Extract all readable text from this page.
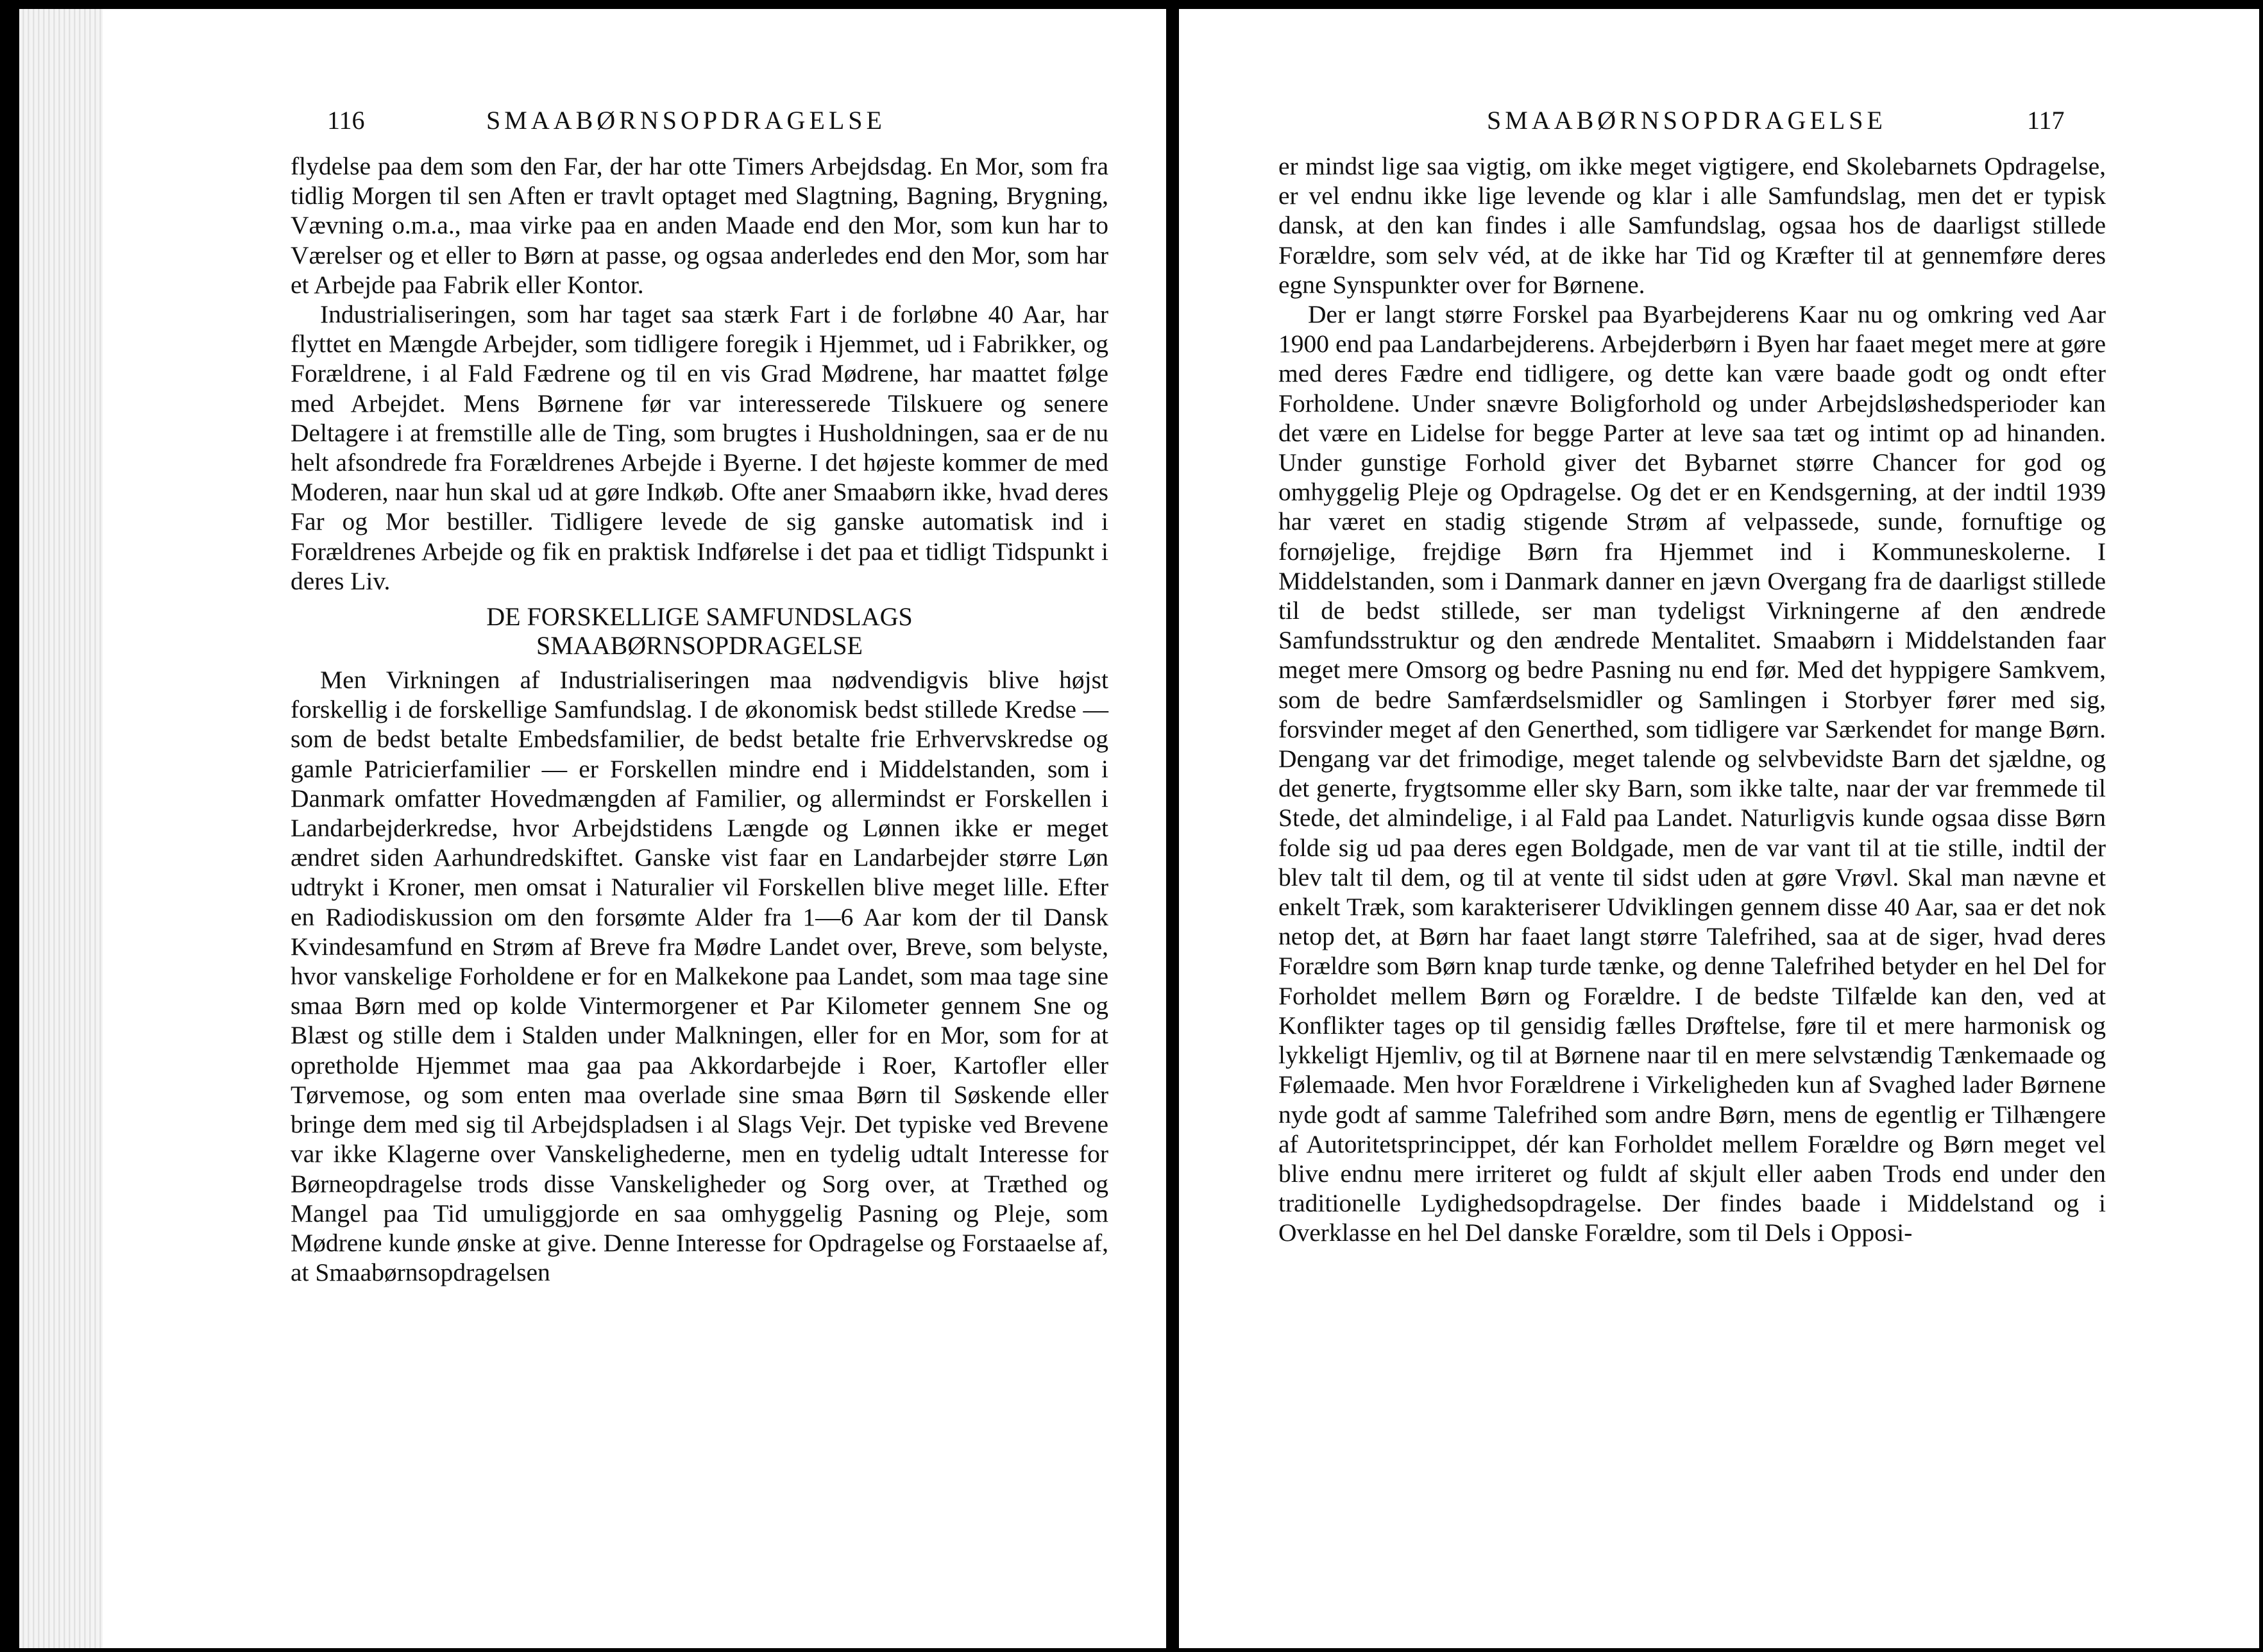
116	SMAABØRNSOPDRAGELSE

flydelse paa dem som den Far, der har otte Timers Arbejdsdag. En Mor, som fra tidlig Morgen til sen Aften er travlt optaget med Slagtning, Bagning, Brygning, Vævning o.m.a., maa virke paa en anden Maade end den Mor, som kun har to Værelser og et eller to Børn at passe, og ogsaa anderledes end den Mor, som har et Arbejde paa Fabrik eller Kontor.

Industrialiseringen, som har taget saa stærk Fart i de forløbne 40 Aar, har flyttet en Mængde Arbejder, som tidligere foregik i Hjemmet, ud i Fabrikker, og Forældrene, i al Fald Fædrene og til en vis Grad Mødrene, har maattet følge med Arbejdet. Mens Børnene før var interesserede Tilskuere og senere Deltagere i at fremstille alle de Ting, som brugtes i Husholdningen, saa er de nu helt afsondrede fra Forældrenes Arbejde i Byerne. I det højeste kommer de med Moderen, naar hun skal ud at gøre Indkøb. Ofte aner Smaabørn ikke, hvad deres Far og Mor bestiller. Tidligere levede de sig ganske automatisk ind i Forældrenes Arbejde og fik en praktisk Indførelse i det paa et tidligt Tidspunkt i deres Liv.

DE FORSKELLIGE SAMFUNDSLAGS
SMAABØRNSOPDRAGELSE

Men Virkningen af Industrialiseringen maa nødvendigvis blive højst forskellig i de forskellige Samfundslag. I de økonomisk bedst stillede Kredse — som de bedst betalte Embedsfamilier, de bedst betalte frie Erhvervskredse og gamle Patricierfamilier — er Forskellen mindre end i Middelstanden, som i Danmark omfatter Hovedmængden af Familier, og allermindst er Forskellen i Landarbejderkredse, hvor Arbejdstidens Længde og Lønnen ikke er meget ændret siden Aarhundredskiftet. Ganske vist faar en Landarbejder større Løn udtrykt i Kroner, men omsat i Naturalier vil Forskellen blive meget lille. Efter en Radiodiskussion om den forsømte Alder fra 1—6 Aar kom der til Dansk Kvindesamfund en Strøm af Breve fra Mødre Landet over, Breve, som belyste, hvor vanskelige Forholdene er for en Malkekone paa Landet, som maa tage sine smaa Børn med op kolde Vintermorgener et Par Kilometer gennem Sne og Blæst og stille dem i Stalden under Malkningen, eller for en Mor, som for at opretholde Hjemmet maa gaa paa Akkordarbejde i Roer, Kartofler eller Tørvemose, og som enten maa overlade sine smaa Børn til Søskende eller bringe dem med sig til Arbejdspladsen i al Slags Vejr. Det typiske ved Brevene var ikke Klagerne over Vanskelighederne, men en tydelig udtalt Interesse for Børneopdragelse trods disse Vanskeligheder og Sorg over, at Træthed og Mangel paa Tid umuliggjorde en saa omhyggelig Pasning og Pleje, som Mødrene kunde ønske at give. Denne Interesse for Opdragelse og Forstaaelse af, at Smaabørnsopdragelsen

SMAABØRNSOPDRAGELSE	117

er mindst lige saa vigtig, om ikke meget vigtigere, end Skolebarnets Opdragelse, er vel endnu ikke lige levende og klar i alle Samfundslag, men det er typisk dansk, at den kan findes i alle Samfundslag, ogsaa hos de daarligst stillede Forældre, som selv véd, at de ikke har Tid og Kræfter til at gennemføre deres egne Synspunkter over for Børnene.

Der er langt større Forskel paa Byarbejderens Kaar nu og omkring ved Aar 1900 end paa Landarbejderens. Arbejderbørn i Byen har faaet meget mere at gøre med deres Fædre end tidligere, og dette kan være baade godt og ondt efter Forholdene. Under snævre Boligforhold og under Arbejdsløshedsperioder kan det være en Lidelse for begge Parter at leve saa tæt og intimt op ad hinanden. Under gunstige Forhold giver det Bybarnet større Chancer for god og omhyggelig Pleje og Opdragelse. Og det er en Kendsgerning, at der indtil 1939 har været en stadig stigende Strøm af velpassede, sunde, fornuftige og fornøjelige, frejdige Børn fra Hjemmet ind i Kommuneskolerne. I Middelstanden, som i Danmark danner en jævn Overgang fra de daarligst stillede til de bedst stillede, ser man tydeligst Virkningerne af den ændrede Samfundsstruktur og den ændrede Mentalitet. Smaabørn i Middelstanden faar meget mere Omsorg og bedre Pasning nu end før. Med det hyppigere Samkvem, som de bedre Samfærdselsmidler og Samlingen i Storbyer fører med sig, forsvinder meget af den Generthed, som tidligere var Særkendet for mange Børn. Dengang var det frimodige, meget talende og selvbevidste Barn det sjældne, og det generte, frygtsomme eller sky Barn, som ikke talte, naar der var fremmede til Stede, det almindelige, i al Fald paa Landet. Naturligvis kunde ogsaa disse Børn folde sig ud paa deres egen Boldgade, men de var vant til at tie stille, indtil der blev talt til dem, og til at vente til sidst uden at gøre Vrøvl. Skal man nævne et enkelt Træk, som karakteriserer Udviklingen gennem disse 40 Aar, saa er det nok netop det, at Børn har faaet langt større Talefrihed, saa at de siger, hvad deres Forældre som Børn knap turde tænke, og denne Talefrihed betyder en hel Del for Forholdet mellem Børn og Forældre. I de bedste Tilfælde kan den, ved at Konflikter tages op til gensidig fælles Drøftelse, føre til et mere harmonisk og lykkeligt Hjemliv, og til at Børnene naar til en mere selvstændig Tænkemaade og Følemaade. Men hvor Forældrene i Virkeligheden kun af Svaghed lader Børnene nyde godt af samme Talefrihed som andre Børn, mens de egentlig er Tilhængere af Autoritetsprincippet, dér kan Forholdet mellem Forældre og Børn meget vel blive endnu mere irriteret og fuldt af skjult eller aaben Trods end under den traditionelle Lydighedsopdragelse. Der findes baade i Middelstand og i Overklasse en hel Del danske Forældre, som til Dels i Opposi-
